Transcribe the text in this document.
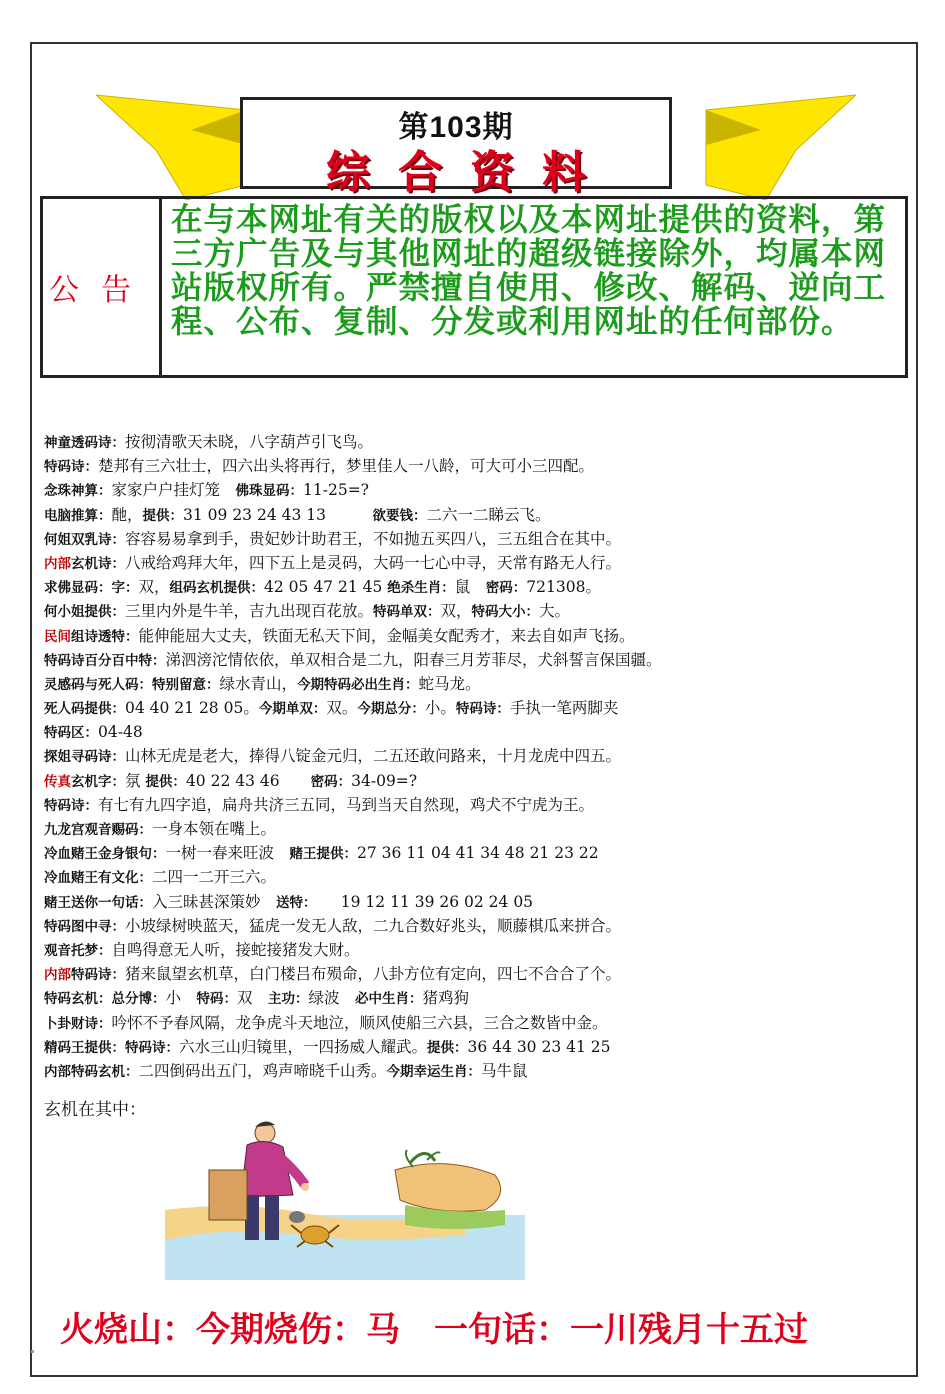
第103期
综合资料
公告
在与本网址有关的版权以及本网址提供的资料，第三方广告及与其他网址的超级链接除外，均属本网站版权所有。严禁擅自使用、修改、解码、逆向工程、公布、复制、分发或利用网址的任何部份。
神童透码诗：按彻清歌天未晓，八字葫芦引飞鸟。
特码诗：楚邦有三六壮士，四六出头将再行，梦里佳人一八龄，可大可小三四配。
念珠神算：家家户户挂灯笼　佛珠显码：11-25=?
电脑推算：酏，提供：31 09 23 24 43 13　　　欲要钱：二六一二睇云飞。
何姐双乳诗：容容易易拿到手，贵妃妙计助君王，不如抛五买四八，三五组合在其中。
内部玄机诗：八戒给鸡拜大年，四下五上是灵码，大码一七心中寻，天常有路无人行。
求佛显码：字：双，组码玄机提供：42 05 47 21 45 绝杀生肖：鼠　密码：721308。
何小姐提供：三里内外是牛羊，吉九出现百花放。特码单双：双，特码大小：大。
民间组诗透特：能伸能屈大丈夫，铁面无私天下间，金幅美女配秀才，来去自如声飞扬。
特码诗百分百中特：涕泗滂沱情依依，单双相合是二九，阳春三月芳菲尽，犬斜誓言保国疆。
灵感码与死人码：特别留意：绿水青山，今期特码必出生肖：蛇马龙。
死人码提供：04 40 21 28 05。今期单双：双。今期总分：小。特码诗：手执一笔两脚夹
特码区：04-48
探姐寻码诗：山林无虎是老大，捧得八锭金元归，二五还敢问路来，十月龙虎中四五。
传真玄机字：氛 提供：40 22 43 46　　密码：34-09=?
特码诗：有七有九四字追，扁舟共济三五同，马到当天自然现，鸡犬不宁虎为王。
九龙宫观音赐码：一身本领在嘴上。
冷血赌王金身银句：一树一春来旺波　赌王提供：27 36 11 04 41 34 48 21 23 22
冷血赌王有文化：二四一二开三六。
赌王送你一句话：入三昧甚深策妙　送特：　　19 12 11 39 26 02 24 05
特码图中寻：小坡绿树映蓝天，猛虎一发无人敌，二九合数好兆头，顺藤棋瓜来拼合。
观音托梦：自鸣得意无人听，接蛇接猪发大财。
内部特码诗：猪来鼠望玄机草，白门楼吕布殒命，八卦方位有定向，四七不合合了个。
特码玄机：总分博：小　特码：双　主功：绿波　必中生肖：猪鸡狗
卜卦财诗：吟怀不予春风隔，龙争虎斗天地泣，顺风使船三六县，三合之数皆中金。
精码王提供：特码诗：六水三山归镜里，一四扬威人耀武。提供：36 44 30 23 41 25
内部特码玄机：二四倒码出五门，鸡声啼晓千山秀。今期幸运生肖：马牛鼠
玄机在其中：
火烧山：今期烧伤：马 一句话：一川残月十五过
